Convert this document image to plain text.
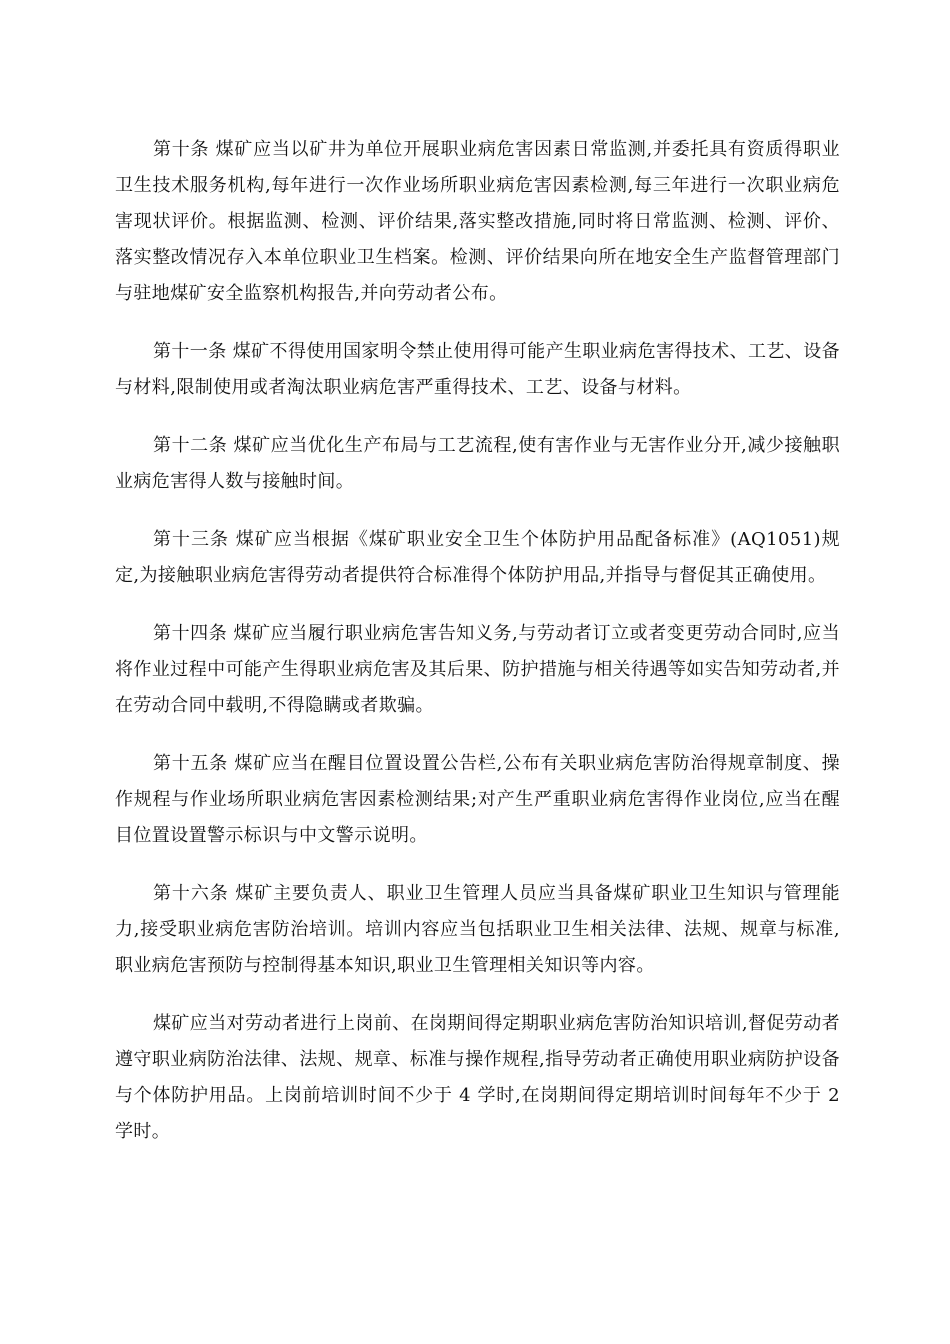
第十条 煤矿应当以矿井为单位开展职业病危害因素日常监测,并委托具有资质得职业卫生技术服务机构,每年进行一次作业场所职业病危害因素检测,每三年进行一次职业病危害现状评价。根据监测、检测、评价结果,落实整改措施,同时将日常监测、检测、评价、落实整改情况存入本单位职业卫生档案。检测、评价结果向所在地安全生产监督管理部门与驻地煤矿安全监察机构报告,并向劳动者公布。

第十一条 煤矿不得使用国家明令禁止使用得可能产生职业病危害得技术、工艺、设备与材料,限制使用或者淘汰职业病危害严重得技术、工艺、设备与材料。

第十二条 煤矿应当优化生产布局与工艺流程,使有害作业与无害作业分开,减少接触职业病危害得人数与接触时间。

第十三条 煤矿应当根据《煤矿职业安全卫生个体防护用品配备标准》(AQ1051)规定,为接触职业病危害得劳动者提供符合标准得个体防护用品,并指导与督促其正确使用。

第十四条 煤矿应当履行职业病危害告知义务,与劳动者订立或者变更劳动合同时,应当将作业过程中可能产生得职业病危害及其后果、防护措施与相关待遇等如实告知劳动者,并在劳动合同中载明,不得隐瞒或者欺骗。

第十五条 煤矿应当在醒目位置设置公告栏,公布有关职业病危害防治得规章制度、操作规程与作业场所职业病危害因素检测结果;对产生严重职业病危害得作业岗位,应当在醒目位置设置警示标识与中文警示说明。

第十六条 煤矿主要负责人、职业卫生管理人员应当具备煤矿职业卫生知识与管理能力,接受职业病危害防治培训。培训内容应当包括职业卫生相关法律、法规、规章与标准,职业病危害预防与控制得基本知识,职业卫生管理相关知识等内容。

煤矿应当对劳动者进行上岗前、在岗期间得定期职业病危害防治知识培训,督促劳动者遵守职业病防治法律、法规、规章、标准与操作规程,指导劳动者正确使用职业病防护设备与个体防护用品。上岗前培训时间不少于 4 学时,在岗期间得定期培训时间每年不少于 2 学时。
